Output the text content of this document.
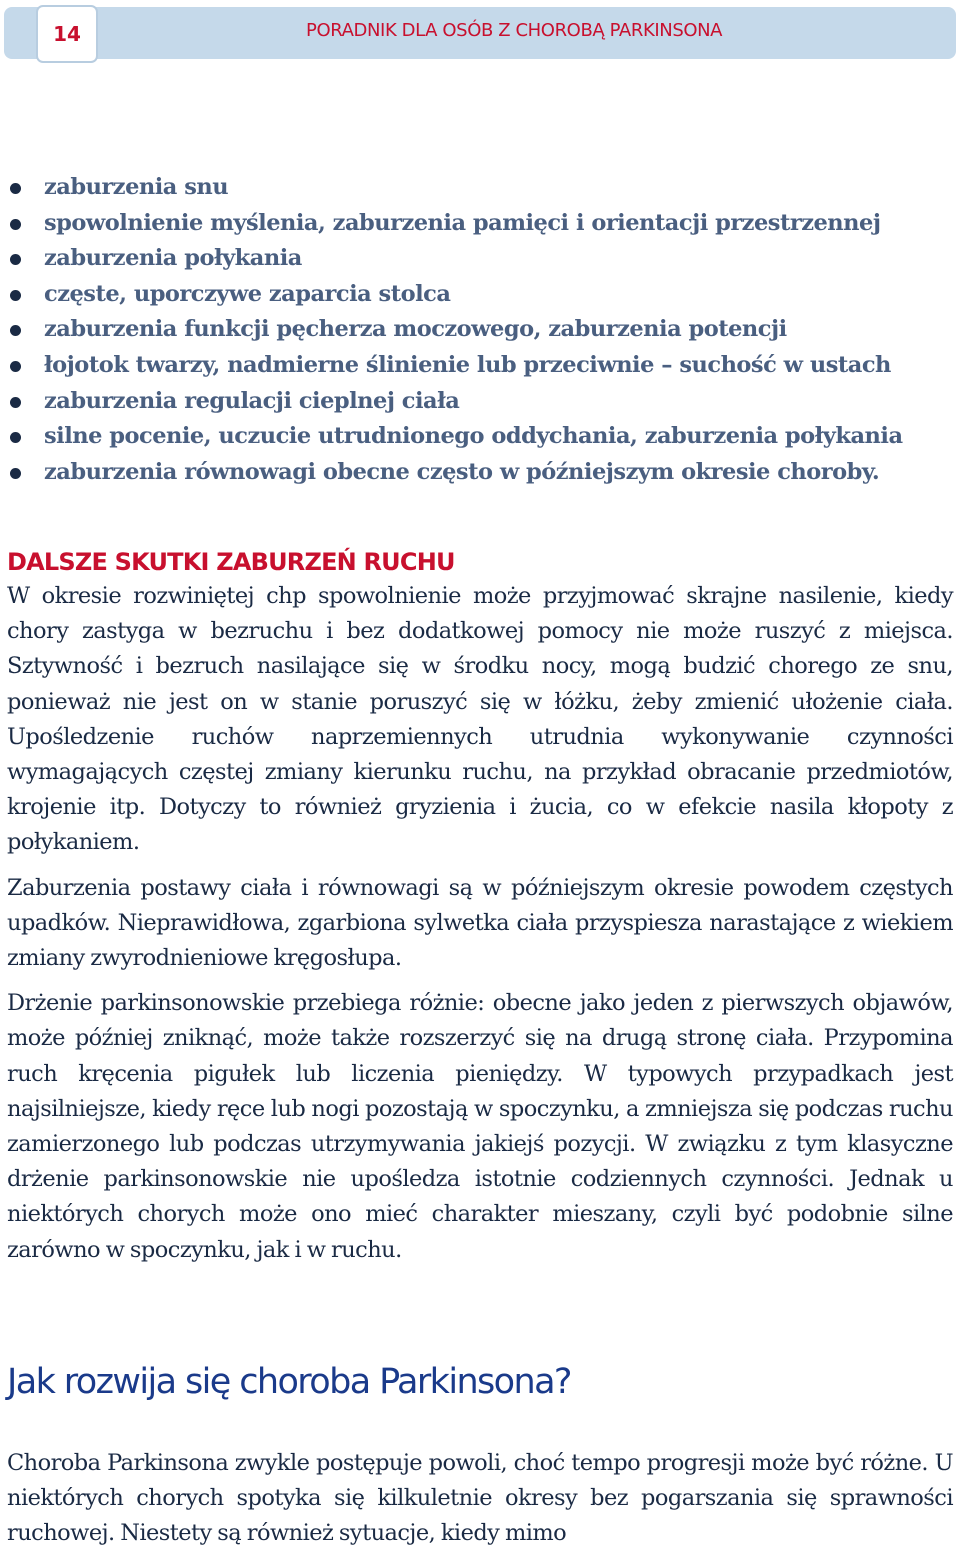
14	PORADNIK DLA OSÓB Z CHOROBĄ PARKINSONA
zaburzenia snu
spowolnienie myślenia, zaburzenia pamięci i orientacji przestrzennej
zaburzenia połykania
częste, uporczywe zaparcia stolca
zaburzenia funkcji pęcherza moczowego, zaburzenia potencji
łojotok twarzy, nadmierne ślinienie lub przeciwnie – suchość w ustach
zaburzenia regulacji cieplnej ciała
silne pocenie, uczucie utrudnionego oddychania, zaburzenia połykania
zaburzenia równowagi obecne często w późniejszym okresie choroby.
DALSZE SKUTKI ZABURZEŃ RUCHU

W okresie rozwiniętej chp spowolnienie może przyjmować skrajne nasilenie, kiedy chory zastyga w bezruchu i bez dodatkowej pomocy nie może ruszyć z miejsca. Sztywność i bezruch nasilające się w środku nocy, mogą budzić chorego ze snu, ponieważ nie jest on w stanie poruszyć się w łóżku, żeby zmienić ułożenie ciała. Upośledzenie ruchów naprzemiennych utrudnia wykonywanie czynności wymagających częstej zmiany kierunku ruchu, na przykład obracanie przedmiotów, krojenie itp. Dotyczy to również gryzienia i żucia, co w efekcie nasila kłopoty z połykaniem.

Zaburzenia postawy ciała i równowagi są w późniejszym okresie powodem częstych upadków. Nieprawidłowa, zgarbiona sylwetka ciała przyspiesza narastające z wiekiem zmiany zwyrodnieniowe kręgosłupa.

Drżenie parkinsonowskie przebiega różnie: obecne jako jeden z pierwszych objawów, może później zniknąć, może także rozszerzyć się na drugą stronę ciała. Przypomina ruch kręcenia pigułek lub liczenia pieniędzy. W typowych przypadkach jest najsilniejsze, kiedy ręce lub nogi pozostają w spoczynku, a zmniejsza się podczas ruchu zamierzonego lub podczas utrzymywania jakiejś pozycji. W związku z tym klasyczne drżenie parkinsonowskie nie upośledza istotnie codziennych czynności. Jednak u niektórych chorych może ono mieć charakter mieszany, czyli być podobnie silne zarówno w spoczynku, jak i w ruchu.

Jak rozwija się choroba Parkinsona?

Choroba Parkinsona zwykle postępuje powoli, choć tempo progresji może być różne. U niektórych chorych spotyka się kilkuletnie okresy bez pogarszania się sprawności ruchowej. Niestety są również sytuacje, kiedy mimo
